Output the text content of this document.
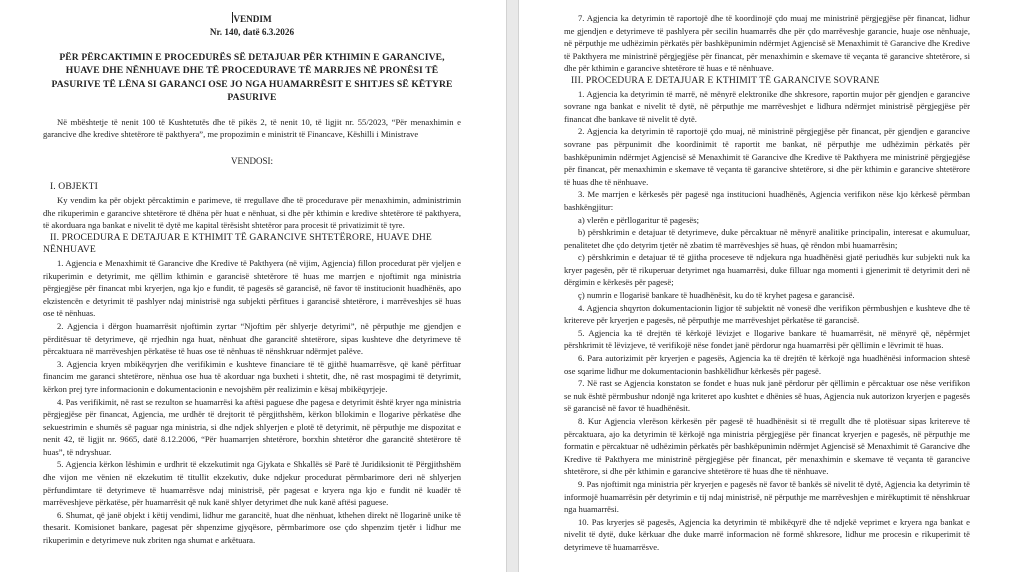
VENDIM
Nr. 140, datë 6.3.2026
PËR PËRCAKTIMIN E PROCEDURËS SË DETAJUAR PËR KTHIMIN E GARANCIVE, HUAVE DHE NËNHUAVE DHE TË PROCEDURAVE TË MARRJES NË PRONËSI TË PASURIVE TË LËNA SI GARANCI OSE JO NGA HUAMARRËSIT E SHITJES SË KËTYRE PASURIVE
Në mbështetje të nenit 100 të Kushtetutës dhe të pikës 2, të nenit 10, të ligjit nr. 55/2023, “Për menaxhimin e garancive dhe kredive shtetërore të pakthyera”, me propozimin e ministrit të Financave, Këshilli i Ministrave
VENDOSI:
I. OBJEKTI
Ky vendim ka për objekt përcaktimin e parimeve, të rregullave dhe të procedurave për menaxhimin, administrimin dhe rikuperimin e garancive shtetërore të dhëna për huat e nënhuat, si dhe për kthimin e kredive shtetërore të pakthyera, të akorduara nga bankat e nivelit të dytë me kapital tërësisht shtetëror para procesit të privatizimit të tyre.
II. PROCEDURA E DETAJUAR E KTHIMIT TË GARANCIVE SHTETËRORE, HUAVE DHE NËNHUAVE
1. Agjencia e Menaxhimit të Garancive dhe Kredive të Pakthyera (në vijim, Agjencia) fillon procedurat për vjeljen e rikuperimin e detyrimit, me qëllim kthimin e garancisë shtetërore të huas me marrjen e njoftimit nga ministria përgjegjëse për financat mbi kryerjen, nga kjo e fundit, të pagesës së garancisë, në favor të institucionit huadhënës, apo ekzistencën e detyrimit të pashlyer ndaj ministrisë nga subjekti përfitues i garancisë shtetërore, i marrëveshjes së huas ose të nënhuas.
2. Agjencia i dërgon huamarrësit njoftimin zyrtar “Njoftim për shlyerje detyrimi”, në përputhje me gjendjen e përditësuar të detyrimeve, që rrjedhin nga huat, nënhuat dhe garancitë shtetërore, sipas kushteve dhe detyrimeve të përcaktuara në marrëveshjen përkatëse të huas ose të nënhuas të nënshkruar ndërmjet palëve.
3. Agjencia kryen mbikëqyrjen dhe verifikimin e kushteve financiare të të gjithë huamarrësve, që kanë përfituar financim me garanci shtetërore, nënhua ose hua të akorduar nga buxheti i shtetit, dhe, në rast mospagimi të detyrimit, kërkon prej tyre informacionin e dokumentacionin e nevojshëm për realizimin e kësaj mbikëqyrjeje.
4. Pas verifikimit, në rast se rezulton se huamarrësi ka aftësi paguese dhe pagesa e detyrimit është kryer nga ministria përgjegjëse për financat, Agjencia, me urdhër të drejtorit të përgjithshëm, kërkon bllokimin e llogarive përkatëse dhe sekuestrimin e shumës së paguar nga ministria, si dhe ndjek shlyerjen e plotë të detyrimit, në përputhje me dispozitat e nenit 42, të ligjit nr. 9665, datë 8.12.2006, “Për huamarrjen shtetërore, borxhin shtetëror dhe garancitë shtetërore të huas”, të ndryshuar.
5. Agjencia kërkon lëshimin e urdhrit të ekzekutimit nga Gjykata e Shkallës së Parë të Juridiksionit të Përgjithshëm dhe vijon me vënien në ekzekutim të titullit ekzekutiv, duke ndjekur procedurat përmbarimore deri në shlyerjen përfundimtare të detyrimeve të huamarrësve ndaj ministrisë, për pagesat e kryera nga kjo e fundit në kuadër të marrëveshjeve përkatëse, për huamarrësit që nuk kanë shlyer detyrimet dhe nuk kanë aftësi paguese.
6. Shumat, që janë objekt i këtij vendimi, lidhur me garancitë, huat dhe nënhuat, kthehen direkt në llogarinë unike të thesarit. Komisionet bankare, pagesat për shpenzime gjyqësore, përmbarimore ose çdo shpenzim tjetër i lidhur me rikuperimin e detyrimeve nuk zbriten nga shumat e arkëtuara.
7. Agjencia ka detyrimin të raportojë dhe të koordinojë çdo muaj me ministrinë përgjegjëse për financat, lidhur me gjendjen e detyrimeve të pashlyera për secilin huamarrës dhe për çdo marrëveshje garancie, huaje ose nënhuaje, në përputhje me udhëzimin përkatës për bashkëpunimin ndërmjet Agjencisë së Menaxhimit të Garancive dhe Kredive të Pakthyera me ministrinë përgjegjëse për financat, për menaxhimin e skemave të veçanta të garancive shtetërore, si dhe për kthimin e garancive shtetërore të huas e të nënhuave.
III. PROCEDURA E DETAJUAR E KTHIMIT TË GARANCIVE SOVRANE
1. Agjencia ka detyrimin të marrë, në mënyrë elektronike dhe shkresore, raportin mujor për gjendjen e garancive sovrane nga bankat e nivelit të dytë, në përputhje me marrëveshjet e lidhura ndërmjet ministrisë përgjegjëse për financat dhe bankave të nivelit të dytë.
2. Agjencia ka detyrimin të raportojë çdo muaj, në ministrinë përgjegjëse për financat, për gjendjen e garancive sovrane pas përpunimit dhe koordinimit të raportit me bankat, në përputhje me udhëzimin përkatës për bashkëpunimin ndërmjet Agjencisë së Menaxhimit të Garancive dhe Kredive të Pakthyera me ministrinë përgjegjëse për financat, për menaxhimin e skemave të veçanta të garancive shtetërore, si dhe për kthimin e garancive shtetërore të huas dhe të nënhuave.
3. Me marrjen e kërkesës për pagesë nga institucioni huadhënës, Agjencia verifikon nëse kjo kërkesë përmban bashkëngjitur:
a) vlerën e përllogaritur të pagesës;
b) përshkrimin e detajuar të detyrimeve, duke përcaktuar në mënyrë analitike principalin, interesat e akumuluar, penalitetet dhe çdo detyrim tjetër në zbatim të marrëveshjes së huas, që rëndon mbi huamarrësin;
c) përshkrimin e detajuar të të gjitha proceseve të ndjekura nga huadhënësi gjatë periudhës kur subjekti nuk ka kryer pagesën, për të rikuperuar detyrimet nga huamarrësi, duke filluar nga momenti i gjenerimit të detyrimit deri në dërgimin e kërkesës për pagesë;
ç) numrin e llogarisë bankare të huadhënësit, ku do të kryhet pagesa e garancisë.
4. Agjencia shqyrton dokumentacionin ligjor të subjektit në vonesë dhe verifikon përmbushjen e kushteve dhe të kritereve për kryerjen e pagesës, në përputhje me marrëveshjet përkatëse të garancisë.
5. Agjencia ka të drejtën të kërkojë lëvizjet e llogarive bankare të huamarrësit, në mënyrë që, nëpërmjet përshkrimit të lëvizjeve, të verifikojë nëse fondet janë përdorur nga huamarrësi për qëllimin e lëvrimit të huas.
6. Para autorizimit për kryerjen e pagesës, Agjencia ka të drejtën të kërkojë nga huadhënësi informacion shtesë ose sqarime lidhur me dokumentacionin bashkëlidhur kërkesës për pagesë.
7. Në rast se Agjencia konstaton se fondet e huas nuk janë përdorur për qëllimin e përcaktuar ose nëse verifikon se nuk është përmbushur ndonjë nga kriteret apo kushtet e dhënies së huas, Agjencia nuk autorizon kryerjen e pagesës së garancisë në favor të huadhënësit.
8. Kur Agjencia vlerëson kërkesën për pagesë të huadhënësit si të rregullt dhe të plotësuar sipas kritereve të përcaktuara, ajo ka detyrimin të kërkojë nga ministria përgjegjëse për financat kryerjen e pagesës, në përputhje me formatin e përcaktuar në udhëzimin përkatës për bashkëpunimin ndërmjet Agjencisë së Menaxhimit të Garancive dhe Kredive të Pakthyera me ministrinë përgjegjëse për financat, për menaxhimin e skemave të veçanta të garancive shtetërore, si dhe për kthimin e garancive shtetërore të huas dhe të nënhuave.
9. Pas njoftimit nga ministria për kryerjen e pagesës në favor të bankës së nivelit të dytë, Agjencia ka detyrimin të informojë huamarrësin për detyrimin e tij ndaj ministrisë, në përputhje me marrëveshjen e mirëkuptimit të nënshkruar nga huamarrësi.
10. Pas kryerjes së pagesës, Agjencia ka detyrimin të mbikëqyrë dhe të ndjekë veprimet e kryera nga bankat e nivelit të dytë, duke kërkuar dhe duke marrë informacion në formë shkresore, lidhur me procesin e rikuperimit të detyrimeve të huamarrësve.
